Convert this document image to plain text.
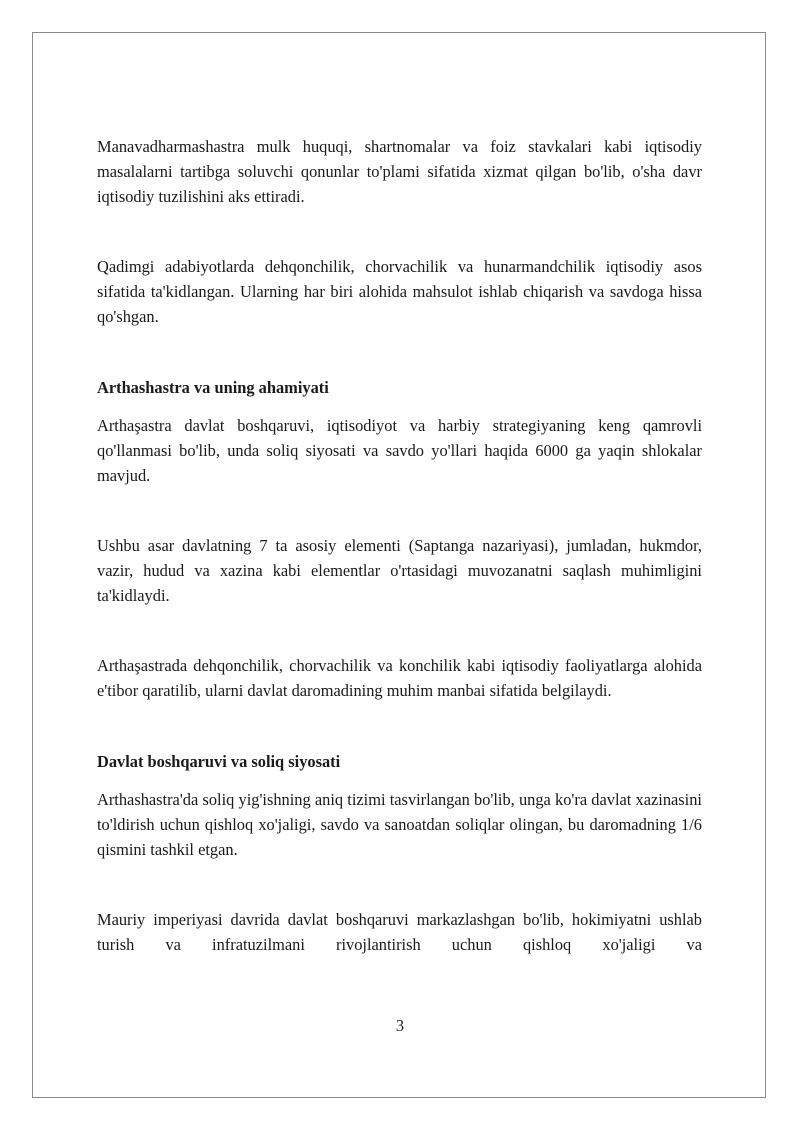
Manavadharmashastra mulk huquqi, shartnomalar va foiz stavkalari kabi iqtisodiy masalalarni tartibga soluvchi qonunlar to'plami sifatida xizmat qilgan bo'lib, o'sha davr iqtisodiy tuzilishini aks ettiradi.

Qadimgi adabiyotlarda dehqonchilik, chorvachilik va hunarmandchilik iqtisodiy asos sifatida ta'kidlangan. Ularning har biri alohida mahsulot ishlab chiqarish va savdoga hissa qo'shgan.

Arthashastra va uning ahamiyati

Arthaşastra davlat boshqaruvi, iqtisodiyot va harbiy strategiyaning keng qamrovli qo'llanmasi bo'lib, unda soliq siyosati va savdo yo'llari haqida 6000 ga yaqin shlokalar mavjud.

Ushbu asar davlatning 7 ta asosiy elementi (Saptanga nazariyasi), jumladan, hukmdor, vazir, hudud va xazina kabi elementlar o'rtasidagi muvozanatni saqlash muhimligini ta'kidlaydi.

Arthaşastrada dehqonchilik, chorvachilik va konchilik kabi iqtisodiy faoliyatlarga alohida e'tibor qaratilib, ularni davlat daromadining muhim manbai sifatida belgilaydi.

Davlat boshqaruvi va soliq siyosati

Arthashastra'da soliq yig'ishning aniq tizimi tasvirlangan bo'lib, unga ko'ra davlat xazinasini to'ldirish uchun qishloq xo'jaligi, savdo va sanoatdan soliqlar olingan, bu daromadning 1/6 qismini tashkil etgan.

Mauriy imperiyasi davrida davlat boshqaruvi markazlashgan bo'lib, hokimiyatni ushlab turish va infratuzilmani rivojlantirish uchun qishloq xo'jaligi va

3
